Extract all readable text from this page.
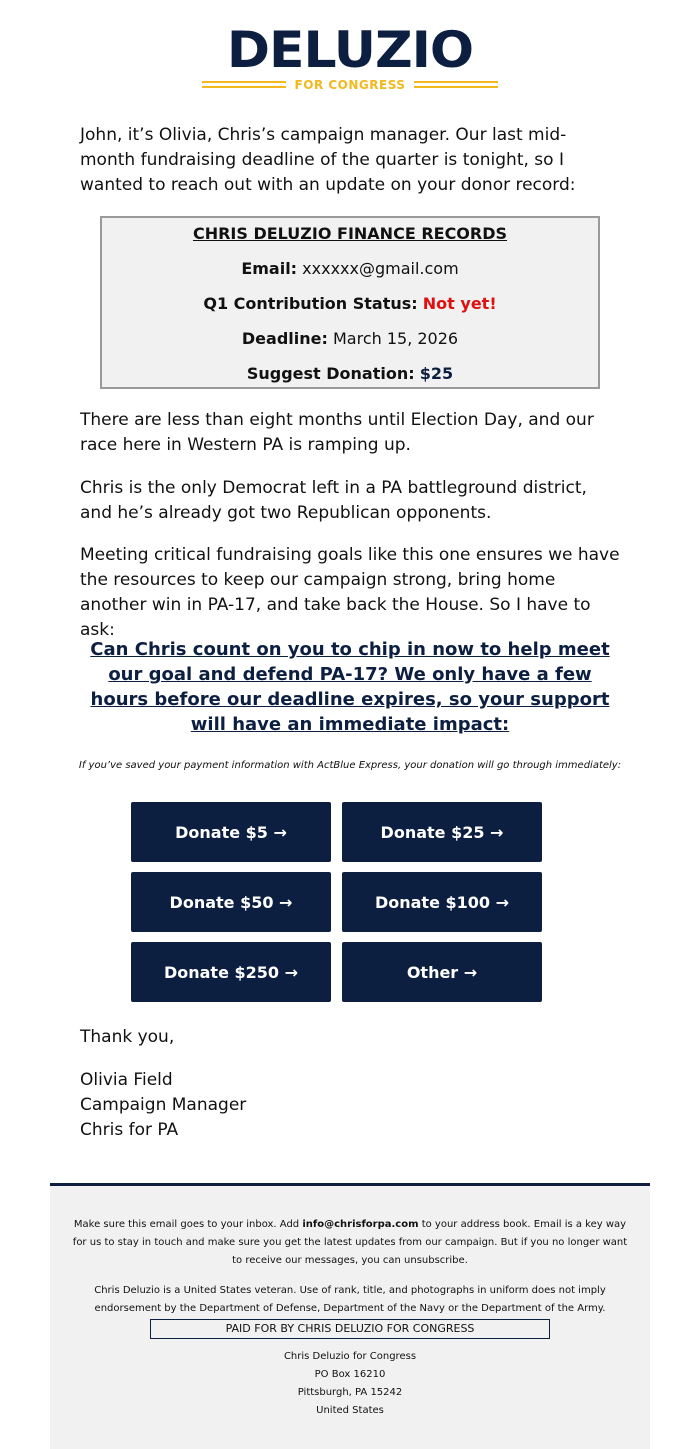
DELUZIO
FOR CONGRESS
John, it’s Olivia, Chris’s campaign manager. Our last mid-month fundraising deadline of the quarter is tonight, so I wanted to reach out with an update on your donor record:
CHRIS DELUZIO FINANCE RECORDS
Email: xxxxxx@gmail.com
Q1 Contribution Status: Not yet!
Deadline: March 15, 2026
Suggest Donation: $25
There are less than eight months until Election Day, and our race here in Western PA is ramping up.
Chris is the only Democrat left in a PA battleground district, and he’s already got two Republican opponents.
Meeting critical fundraising goals like this one ensures we have the resources to keep our campaign strong, bring home another win in PA-17, and take back the House. So I have to ask:
Can Chris count on you to chip in now to help meet our goal and defend PA-17? We only have a few hours before our deadline expires, so your support will have an immediate impact:
If you’ve saved your payment information with ActBlue Express, your donation will go through immediately:
Donate $5 →	Donate $25 →
Donate $50 →	Donate $100 →
Donate $250 →	Other →
Thank you,
Olivia Field
Campaign Manager
Chris for PA
Make sure this email goes to your inbox. Add info@chrisforpa.com to your address book. Email is a key way for us to stay in touch and make sure you get the latest updates from our campaign. But if you no longer want to receive our messages, you can unsubscribe.
Chris Deluzio is a United States veteran. Use of rank, title, and photographs in uniform does not imply endorsement by the Department of Defense, Department of the Navy or the Department of the Army.
PAID FOR BY CHRIS DELUZIO FOR CONGRESS
Chris Deluzio for Congress
PO Box 16210
Pittsburgh, PA 15242
United States
